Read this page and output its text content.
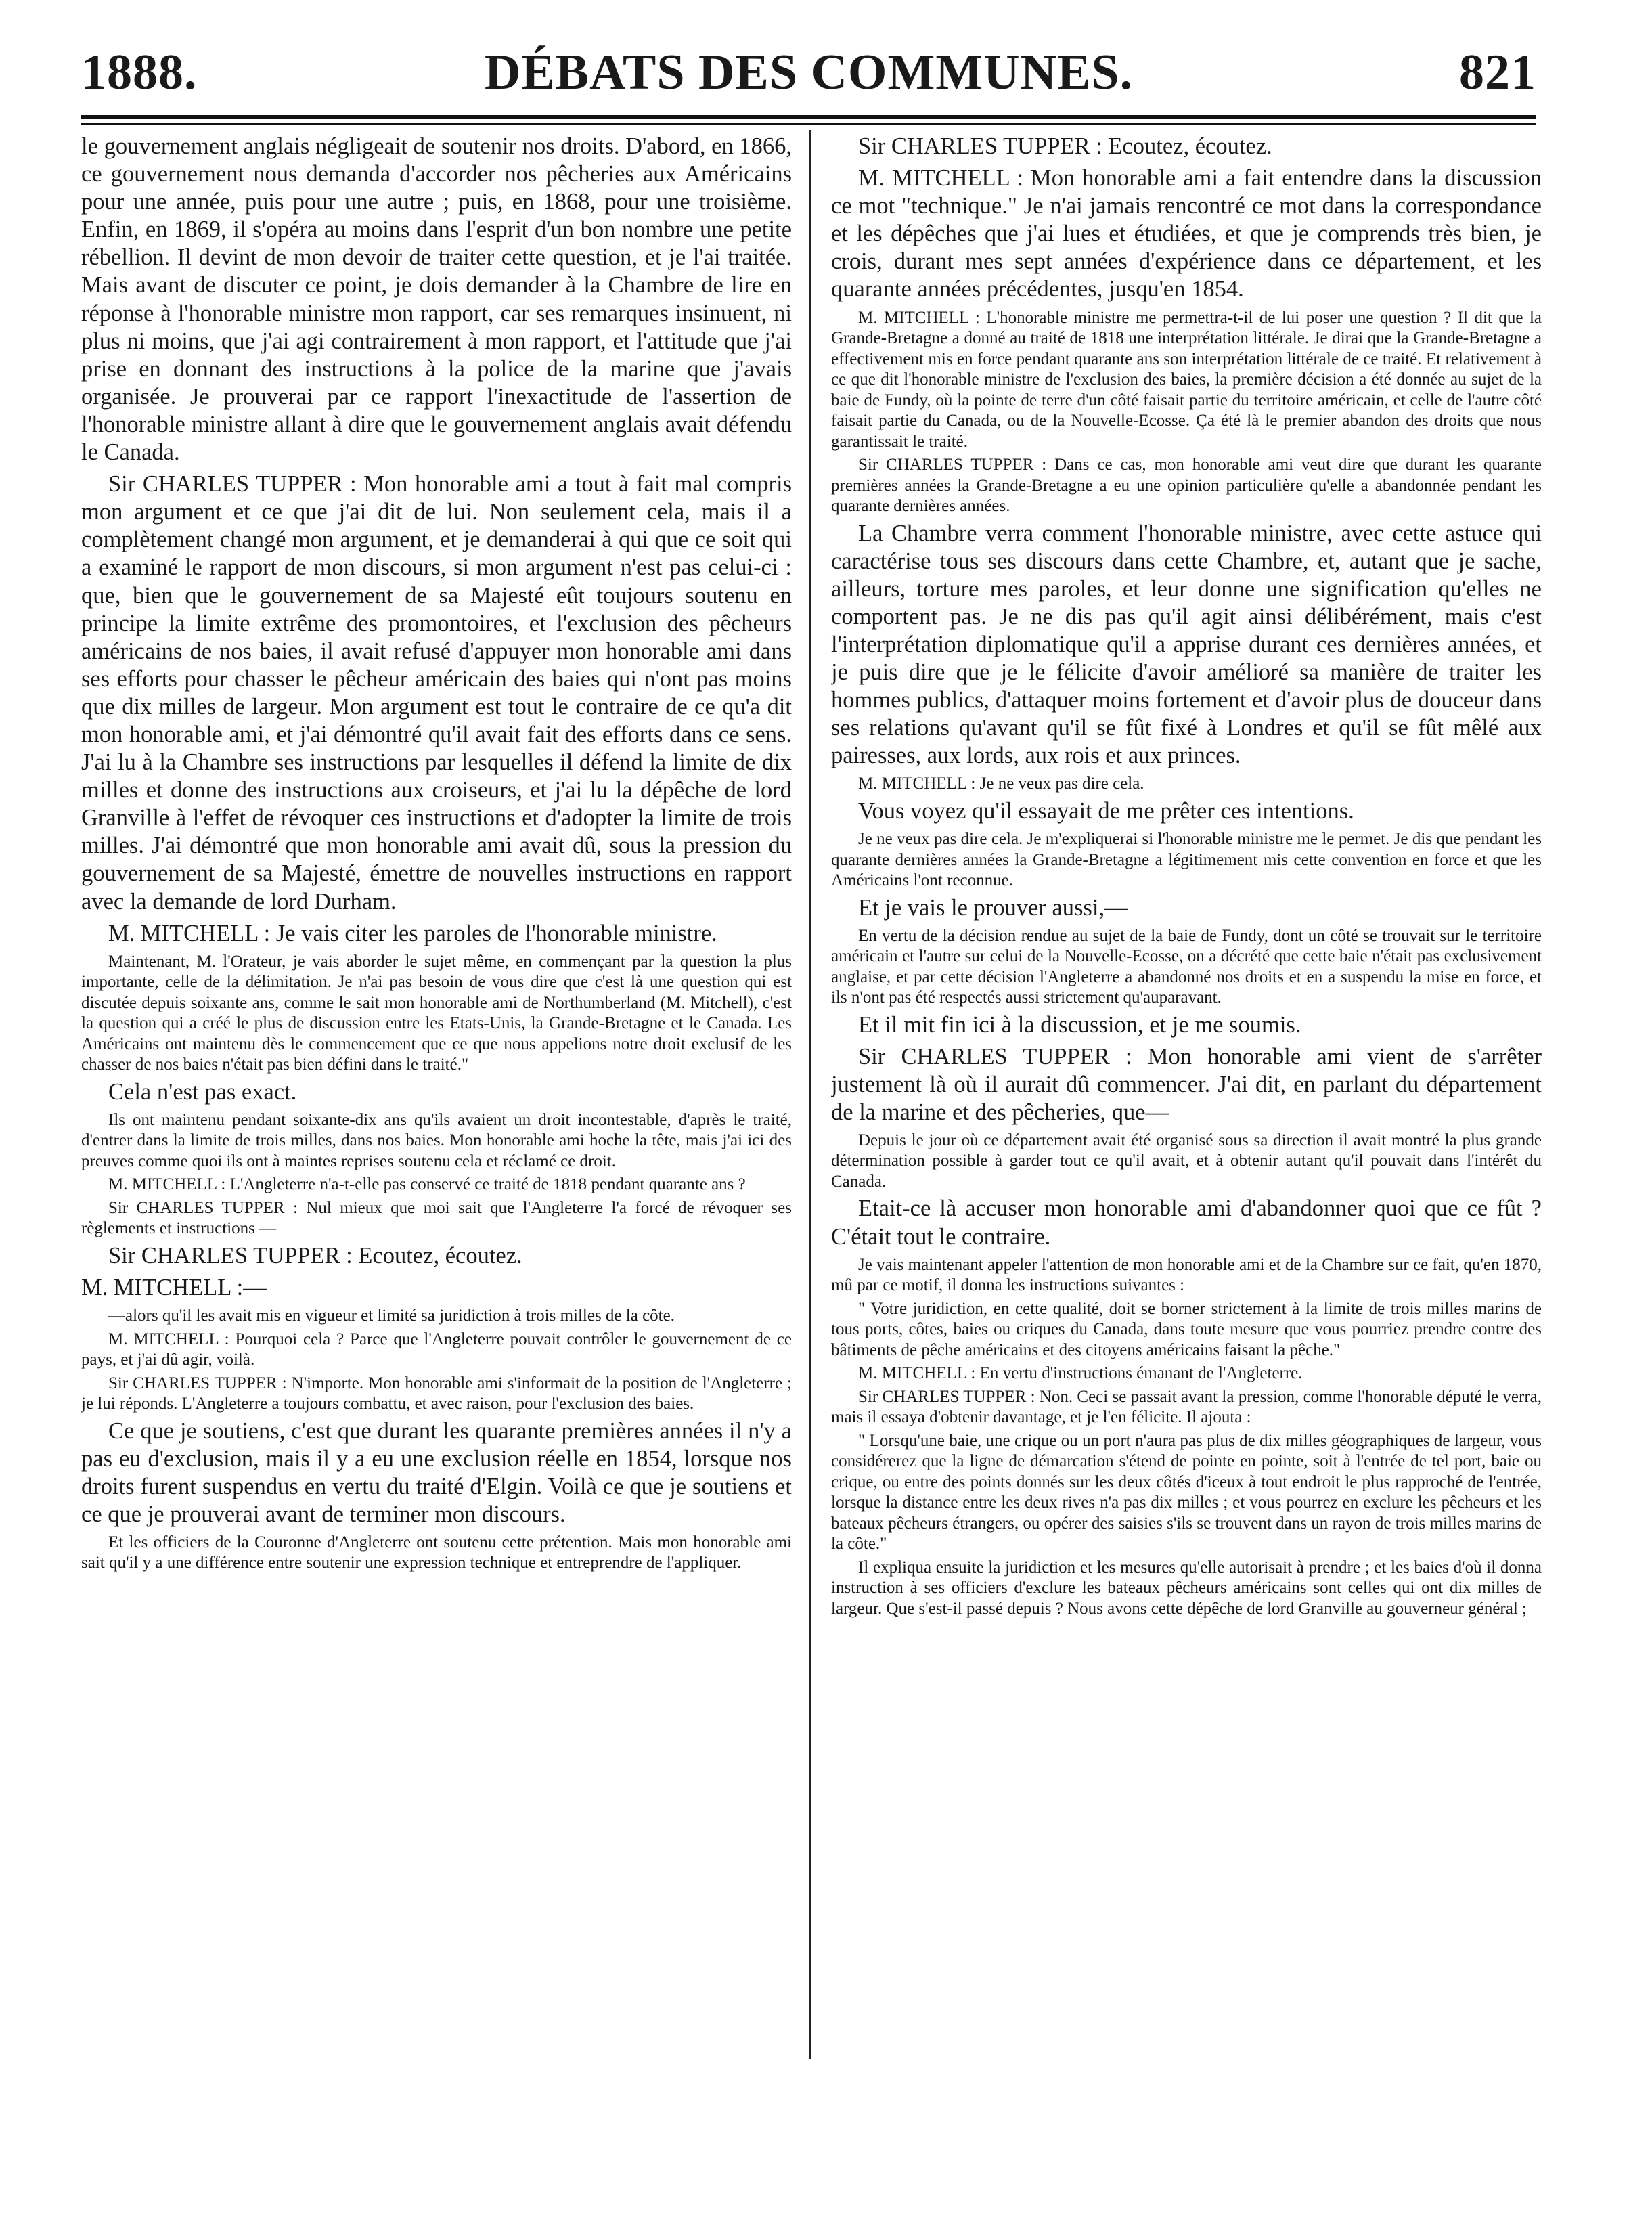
1888.	DÉBATS DES COMMUNES.	821

le gouvernement anglais négligeait de soutenir nos droits. D'abord, en 1866, ce gouvernement nous demanda d'accorder nos pêcheries aux Américains pour une année, puis pour une autre ; puis, en 1868, pour une troisième. Enfin, en 1869, il s'opéra au moins dans l'esprit d'un bon nombre une petite rébellion. Il devint de mon devoir de traiter cette question, et je l'ai traitée. Mais avant de discuter ce point, je dois demander à la Chambre de lire en réponse à l'honorable ministre mon rapport, car ses remarques insinuent, ni plus ni moins, que j'ai agi contrairement à mon rapport, et l'attitude que j'ai prise en donnant des instructions à la police de la marine que j'avais organisée. Je prouverai par ce rapport l'inexactitude de l'assertion de l'honorable ministre allant à dire que le gouvernement anglais avait défendu le Canada.

Sir CHARLES TUPPER : Mon honorable ami a tout à fait mal compris mon argument et ce que j'ai dit de lui. Non seulement cela, mais il a complètement changé mon argument, et je demanderai à qui que ce soit qui a examiné le rapport de mon discours, si mon argument n'est pas celui-ci : que, bien que le gouvernement de sa Majesté eût toujours soutenu en principe la limite extrême des promontoires, et l'exclusion des pêcheurs américains de nos baies, il avait refusé d'appuyer mon honorable ami dans ses efforts pour chasser le pêcheur américain des baies qui n'ont pas moins que dix milles de largeur. Mon argument est tout le contraire de ce qu'a dit mon honorable ami, et j'ai démontré qu'il avait fait des efforts dans ce sens. J'ai lu à la Chambre ses instructions par lesquelles il défend la limite de dix milles et donne des instructions aux croiseurs, et j'ai lu la dépêche de lord Granville à l'effet de révoquer ces instructions et d'adopter la limite de trois milles. J'ai démontré que mon honorable ami avait dû, sous la pression du gouvernement de sa Majesté, émettre de nouvelles instructions en rapport avec la demande de lord Durham.

M. MITCHELL : Je vais citer les paroles de l'honorable ministre.

Maintenant, M. l'Orateur, je vais aborder le sujet même, en commençant par la question la plus importante, celle de la délimitation. Je n'ai pas besoin de vous dire que c'est là une question qui est discutée depuis soixante ans, comme le sait mon honorable ami de Northumberland (M. Mitchell), c'est la question qui a créé le plus de discussion entre les Etats-Unis, la Grande-Bretagne et le Canada. Les Américains ont maintenu dès le commencement que ce que nous appelions notre droit exclusif de les chasser de nos baies n'était pas bien défini dans le traité."

Cela n'est pas exact.

Ils ont maintenu pendant soixante-dix ans qu'ils avaient un droit incontestable, d'après le traité, d'entrer dans la limite de trois milles, dans nos baies. Mon honorable ami hoche la tête, mais j'ai ici des preuves comme quoi ils ont à maintes reprises soutenu cela et réclamé ce droit.

M. MITCHELL : L'Angleterre n'a-t-elle pas conservé ce traité de 1818 pendant quarante ans ?

Sir CHARLES TUPPER : Nul mieux que moi sait que l'Angleterre l'a forcé de révoquer ses règlements et instructions —

Sir CHARLES TUPPER : Ecoutez, écoutez.

M. MITCHELL :—

—alors qu'il les avait mis en vigueur et limité sa juridiction à trois milles de la côte.

M. MITCHELL : Pourquoi cela ? Parce que l'Angleterre pouvait contrôler le gouvernement de ce pays, et j'ai dû agir, voilà.

Sir CHARLES TUPPER : N'importe. Mon honorable ami s'informait de la position de l'Angleterre ; je lui réponds. L'Angleterre a toujours combattu, et avec raison, pour l'exclusion des baies.

Ce que je soutiens, c'est que durant les quarante premières années il n'y a pas eu d'exclusion, mais il y a eu une exclusion réelle en 1854, lorsque nos droits furent suspendus en vertu du traité d'Elgin. Voilà ce que je soutiens et ce que je prouverai avant de terminer mon discours.

Et les officiers de la Couronne d'Angleterre ont soutenu cette prétention. Mais mon honorable ami sait qu'il y a une différence entre soutenir une expression technique et entreprendre de l'appliquer.

Sir CHARLES TUPPER : Ecoutez, écoutez.

M. MITCHELL : Mon honorable ami a fait entendre dans la discussion ce mot "technique." Je n'ai jamais rencontré ce mot dans la correspondance et les dépêches que j'ai lues et étudiées, et que je comprends très bien, je crois, durant mes sept années d'expérience dans ce département, et les quarante années précédentes, jusqu'en 1854.

M. MITCHELL : L'honorable ministre me permettra-t-il de lui poser une question ? Il dit que la Grande-Bretagne a donné au traité de 1818 une interprétation littérale. Je dirai que la Grande-Bretagne a effectivement mis en force pendant quarante ans son interprétation littérale de ce traité. Et relativement à ce que dit l'honorable ministre de l'exclusion des baies, la première décision a été donnée au sujet de la baie de Fundy, où la pointe de terre d'un côté faisait partie du territoire américain, et celle de l'autre côté faisait partie du Canada, ou de la Nouvelle-Ecosse. Ça été là le premier abandon des droits que nous garantissait le traité.

Sir CHARLES TUPPER : Dans ce cas, mon honorable ami veut dire que durant les quarante premières années la Grande-Bretagne a eu une opinion particulière qu'elle a abandonnée pendant les quarante dernières années.

La Chambre verra comment l'honorable ministre, avec cette astuce qui caractérise tous ses discours dans cette Chambre, et, autant que je sache, ailleurs, torture mes paroles, et leur donne une signification qu'elles ne comportent pas. Je ne dis pas qu'il agit ainsi délibérément, mais c'est l'interprétation diplomatique qu'il a apprise durant ces dernières années, et je puis dire que je le félicite d'avoir amélioré sa manière de traiter les hommes publics, d'attaquer moins fortement et d'avoir plus de douceur dans ses relations qu'avant qu'il se fût fixé à Londres et qu'il se fût mêlé aux pairesses, aux lords, aux rois et aux princes.

M. MITCHELL : Je ne veux pas dire cela.

Vous voyez qu'il essayait de me prêter ces intentions.

Je ne veux pas dire cela. Je m'expliquerai si l'honorable ministre me le permet. Je dis que pendant les quarante dernières années la Grande-Bretagne a légitimement mis cette convention en force et que les Américains l'ont reconnue.

Et je vais le prouver aussi,—

En vertu de la décision rendue au sujet de la baie de Fundy, dont un côté se trouvait sur le territoire américain et l'autre sur celui de la Nouvelle-Ecosse, on a décrété que cette baie n'était pas exclusivement anglaise, et par cette décision l'Angleterre a abandonné nos droits et en a suspendu la mise en force, et ils n'ont pas été respectés aussi strictement qu'auparavant.

Et il mit fin ici à la discussion, et je me soumis.

Sir CHARLES TUPPER : Mon honorable ami vient de s'arrêter justement là où il aurait dû commencer. J'ai dit, en parlant du département de la marine et des pêcheries, que—

Depuis le jour où ce département avait été organisé sous sa direction il avait montré la plus grande détermination possible à garder tout ce qu'il avait, et à obtenir autant qu'il pouvait dans l'intérêt du Canada.

Etait-ce là accuser mon honorable ami d'abandonner quoi que ce fût ? C'était tout le contraire.

Je vais maintenant appeler l'attention de mon honorable ami et de la Chambre sur ce fait, qu'en 1870, mû par ce motif, il donna les instructions suivantes :

" Votre juridiction, en cette qualité, doit se borner strictement à la limite de trois milles marins de tous ports, côtes, baies ou criques du Canada, dans toute mesure que vous pourriez prendre contre des bâtiments de pêche américains et des citoyens américains faisant la pêche."

M. MITCHELL : En vertu d'instructions émanant de l'Angleterre.

Sir CHARLES TUPPER : Non. Ceci se passait avant la pression, comme l'honorable député le verra, mais il essaya d'obtenir davantage, et je l'en félicite. Il ajouta :

" Lorsqu'une baie, une crique ou un port n'aura pas plus de dix milles géographiques de largeur, vous considérerez que la ligne de démarcation s'étend de pointe en pointe, soit à l'entrée de tel port, baie ou crique, ou entre des points donnés sur les deux côtés d'iceux à tout endroit le plus rapproché de l'entrée, lorsque la distance entre les deux rives n'a pas dix milles ; et vous pourrez en exclure les pêcheurs et les bateaux pêcheurs étrangers, ou opérer des saisies s'ils se trouvent dans un rayon de trois milles marins de la côte."

Il expliqua ensuite la juridiction et les mesures qu'elle autorisait à prendre ; et les baies d'où il donna instruction à ses officiers d'exclure les bateaux pêcheurs américains sont celles qui ont dix milles de largeur. Que s'est-il passé depuis ? Nous avons cette dépêche de lord Granville au gouverneur général ;
